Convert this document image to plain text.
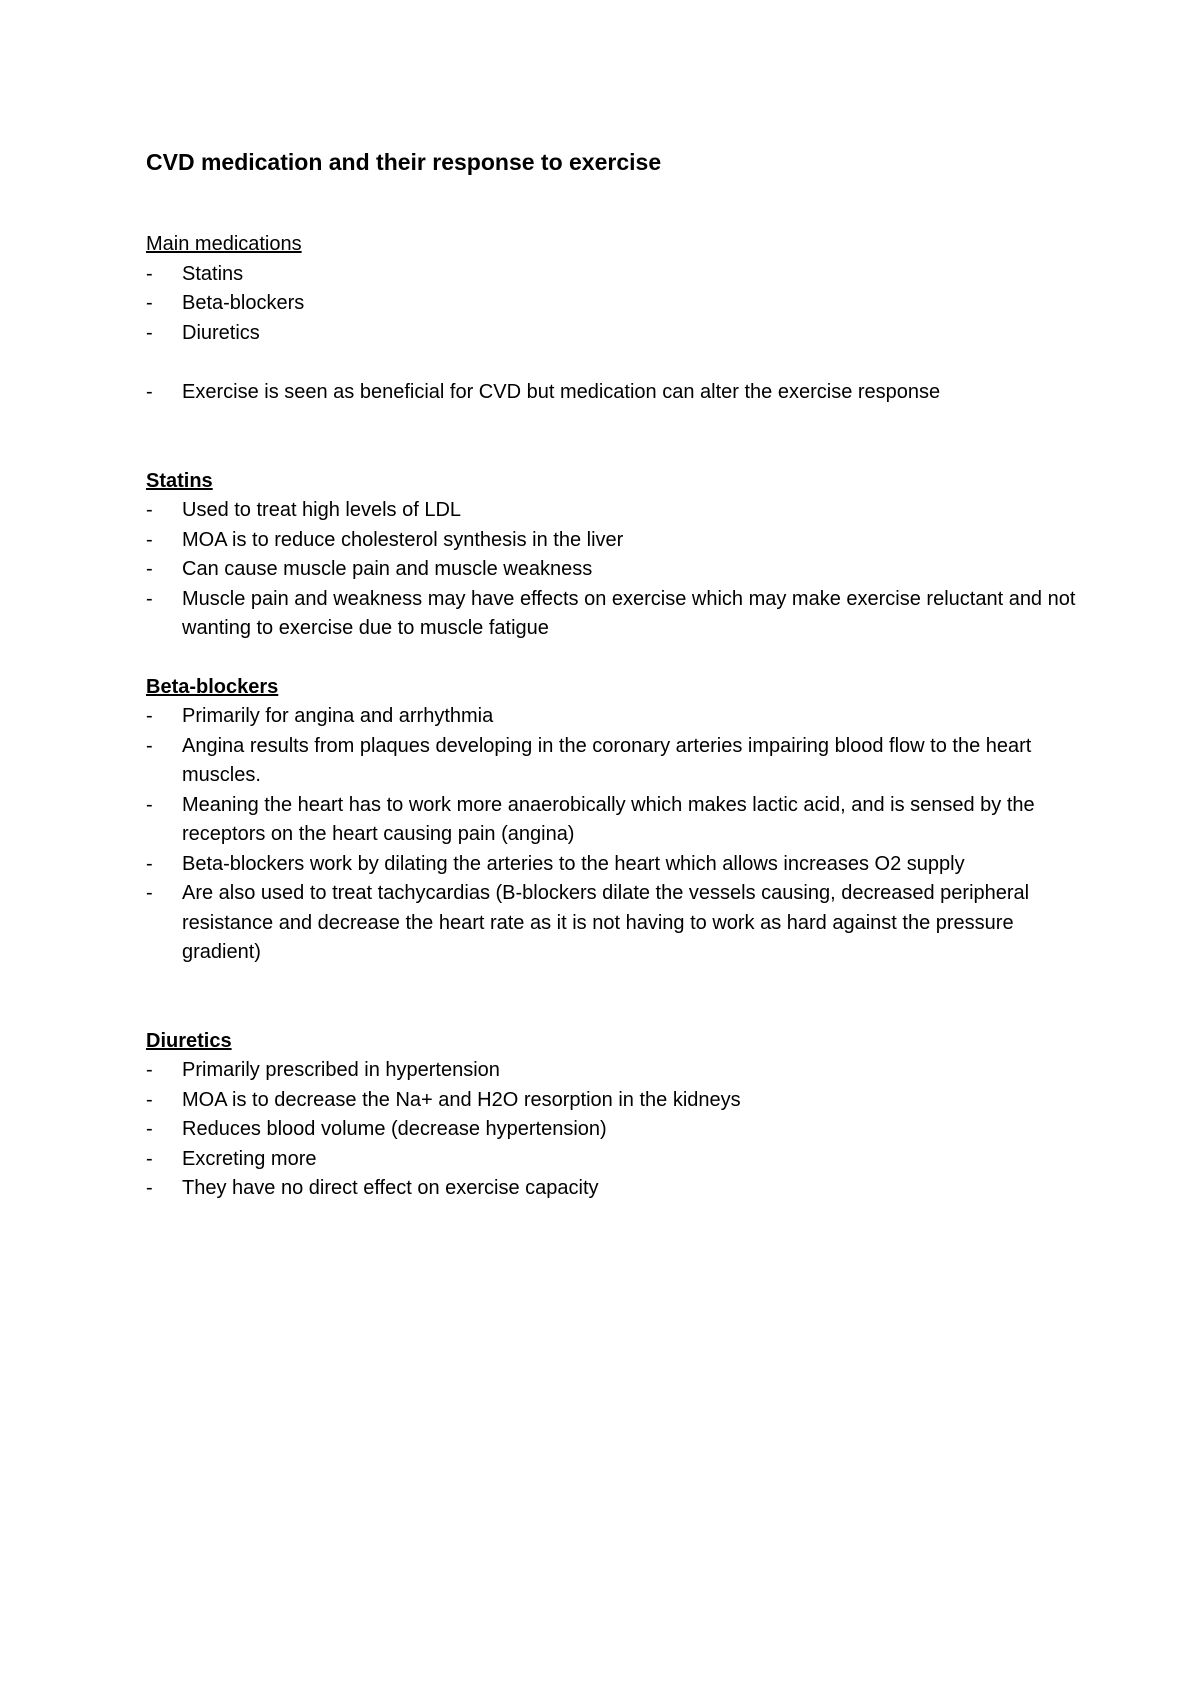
CVD medication and their response to exercise

Main medications

-	Statins
-	Beta-blockers
-	Diuretics
-	Exercise is seen as beneficial for CVD but medication can alter the exercise response

Statins

-	Used to treat high levels of LDL
-	MOA is to reduce cholesterol synthesis in the liver
-	Can cause muscle pain and muscle weakness
-	Muscle pain and weakness may have effects on exercise which may make exercise reluctant and not wanting to exercise due to muscle fatigue

Beta-blockers

-	Primarily for angina and arrhythmia
-	Angina results from plaques developing in the coronary arteries impairing blood flow to the heart muscles.
-	Meaning the heart has to work more anaerobically which makes lactic acid, and is sensed by the receptors on the heart causing pain (angina)
-	Beta-blockers work by dilating the arteries to the heart which allows increases O2 supply
-	Are also used to treat tachycardias (B-blockers dilate the vessels causing, decreased peripheral resistance and decrease the heart rate as it is not having to work as hard against the pressure gradient)

Diuretics

-	Primarily prescribed in hypertension
-	MOA is to decrease the Na+ and H2O resorption in the kidneys
-	Reduces blood volume (decrease hypertension)
-	Excreting more
-	They have no direct effect on exercise capacity
